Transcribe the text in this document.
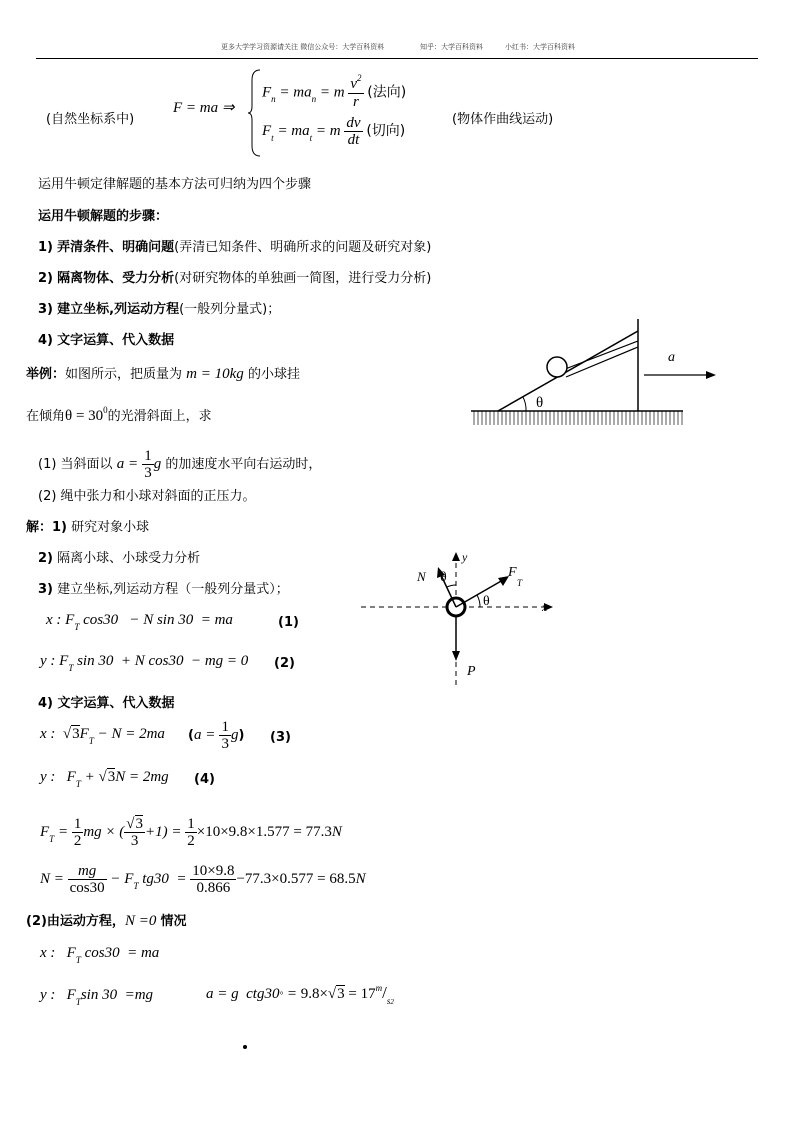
更多大学学习资源请关注 微信公众号：大学百科资料	知乎：大学百科资料	小红书：大学百科资料
(自然坐标系中)
F = ma ⇒
$F_n = ma_n = m \frac{v^2}{r}$ (法向)
$F_t = ma_t = m \frac{dv}{dt}$ (切向)
(物体作曲线运动)
运用牛顿定律解题的基本方法可归纳为四个步骤
运用牛顿解题的步骤：
1) 弄清条件、明确问题(弄清已知条件、明确所求的问题及研究对象)
2) 隔离物体、受力分析(对研究物体的单独画一简图，进行受力分析)
3) 建立坐标,列运动方程(一般列分量式)；
4) 文字运算、代入数据
举例：如图所示，把质量为 m = 10kg 的小球挂
在倾角$\theta = 30^0$的光滑斜面上，求
(1) 当斜面以 $a = \frac{1}{3}$ g 的加速度水平向右运动时，
(2) 绳中张力和小球对斜面的正压力。
θ
a
解：1) 研究对象小球
2) 隔离小球、小球受力分析
3) 建立坐标,列运动方程（一般列分量式）；
x
y
F
T
N
P
θ
θ
x : $F_T$ cos30   − N sin 30  = ma	(1)
y : $F_T$ sin 30  + N cos30  − mg = 0 (2)
4) 文字运算、代入数据
x :  $√3F_T - N = 2ma$ $(a = \frac{1}{3} g)$ (3)
y :   $F_T + √3N = 2mg$ (4)
$F_T = \frac{1}{2}$ mg × ( $\frac{√3}{3} +1) = \frac{1}{2} \times 10\times 9.8\times 1.577 = 77.3N$
$N = \frac{mg}{\cos 30} - F_T$ $tg30 = \frac{10\times 9.8}{0.866} -77.3\times 0.577 = 68.5N$
(2)由运动方程，N =0 情况
x :   $F_T$ cos30  = ma
y :   $F_T\sin$ 30  =mg	a = g  $ctg30^\circ = 9.8\times√3 = 17^m/_{s2}$
